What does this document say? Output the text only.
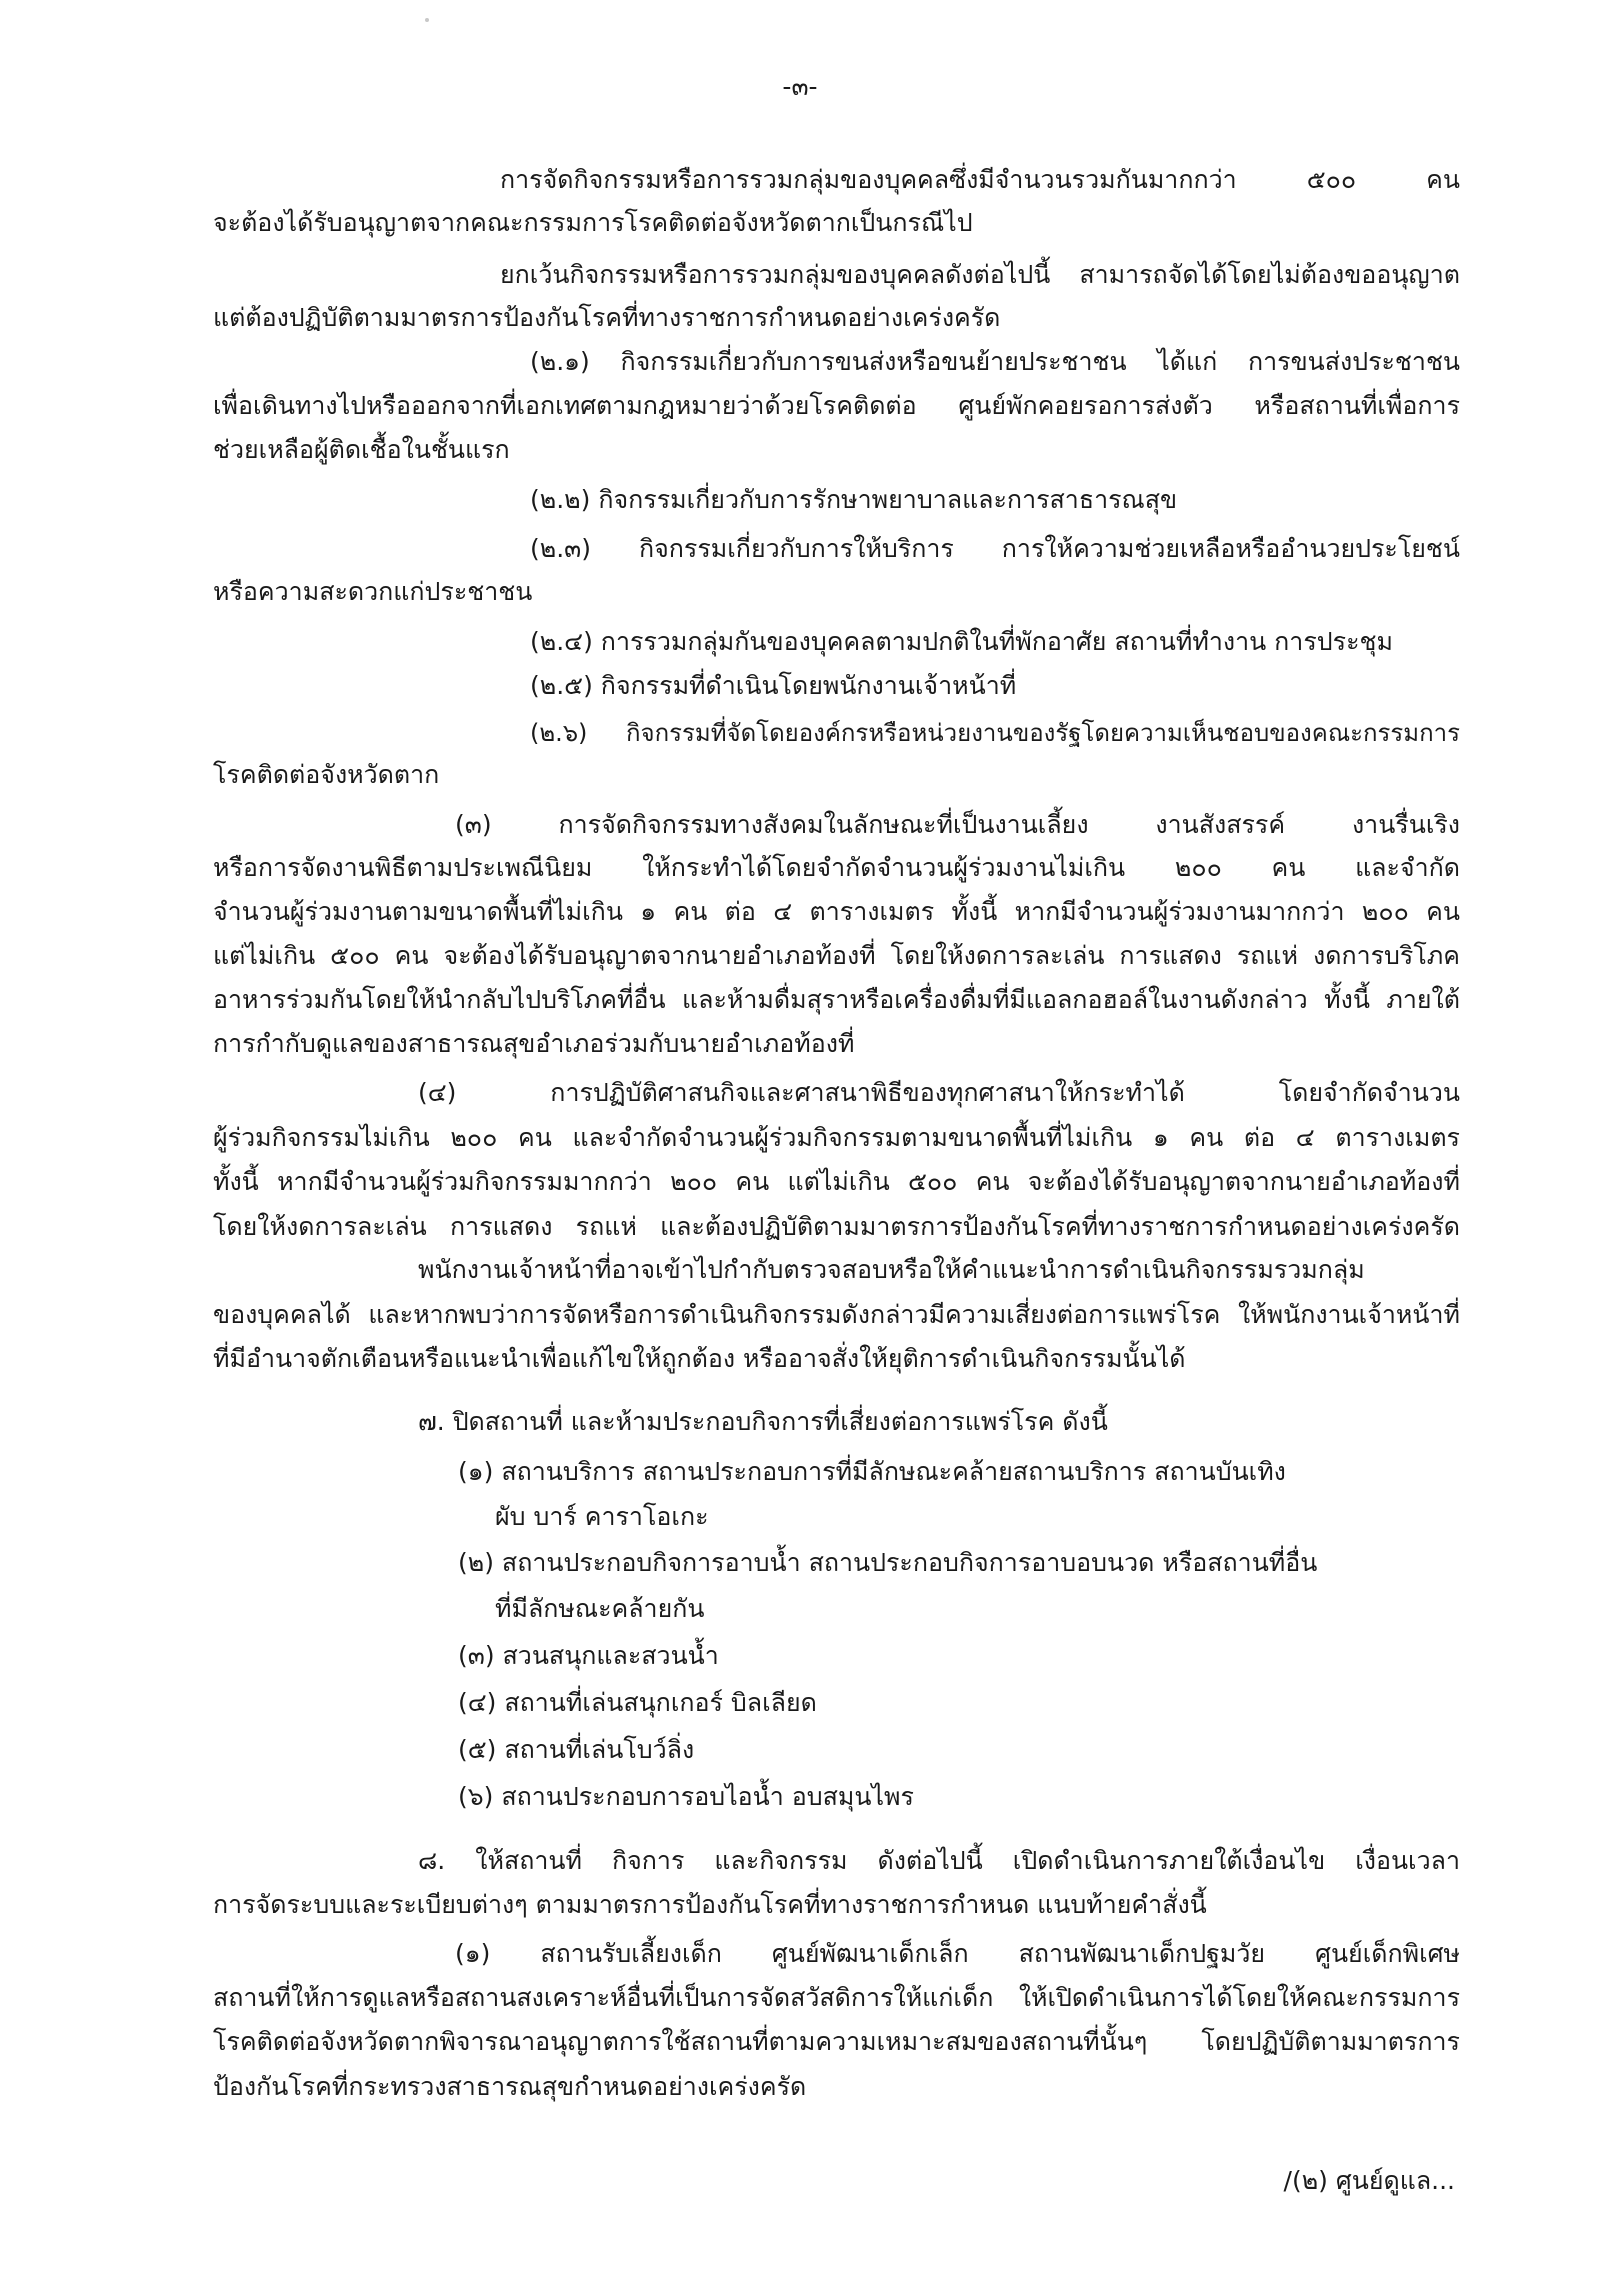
-๓-
การจัดกิจกรรมหรือการรวมกลุ่มของบุคคลซึ่งมีจำนวนรวมกันมากกว่า ๕๐๐ คน
จะต้องได้รับอนุญาตจากคณะกรรมการโรคติดต่อจังหวัดตากเป็นกรณีไป
ยกเว้นกิจกรรมหรือการรวมกลุ่มของบุคคลดังต่อไปนี้ สามารถจัดได้โดยไม่ต้องขออนุญาต
แต่ต้องปฏิบัติตามมาตรการป้องกันโรคที่ทางราชการกำหนดอย่างเคร่งครัด
(๒.๑) กิจกรรมเกี่ยวกับการขนส่งหรือขนย้ายประชาชน ได้แก่ การขนส่งประชาชน
เพื่อเดินทางไปหรือออกจากที่เอกเทศตามกฎหมายว่าด้วยโรคติดต่อ ศูนย์พักคอยรอการส่งตัว หรือสถานที่เพื่อการ
ช่วยเหลือผู้ติดเชื้อในชั้นแรก
(๒.๒) กิจกรรมเกี่ยวกับการรักษาพยาบาลและการสาธารณสุข
(๒.๓) กิจกรรมเกี่ยวกับการให้บริการ การให้ความช่วยเหลือหรืออำนวยประโยชน์
หรือความสะดวกแก่ประชาชน
(๒.๔) การรวมกลุ่มกันของบุคคลตามปกติในที่พักอาศัย สถานที่ทำงาน การประชุม
(๒.๕) กิจกรรมที่ดำเนินโดยพนักงานเจ้าหน้าที่
(๒.๖) กิจกรรมที่จัดโดยองค์กรหรือหน่วยงานของรัฐโดยความเห็นชอบของคณะกรรมการ
โรคติดต่อจังหวัดตาก
(๓) การจัดกิจกรรมทางสังคมในลักษณะที่เป็นงานเลี้ยง งานสังสรรค์ งานรื่นเริง
หรือการจัดงานพิธีตามประเพณีนิยม ให้กระทำได้โดยจำกัดจำนวนผู้ร่วมงานไม่เกิน ๒๐๐ คน และจำกัด
จำนวนผู้ร่วมงานตามขนาดพื้นที่ไม่เกิน ๑ คน ต่อ ๔ ตารางเมตร ทั้งนี้ หากมีจำนวนผู้ร่วมงานมากกว่า ๒๐๐ คน
แต่ไม่เกิน ๕๐๐ คน จะต้องได้รับอนุญาตจากนายอำเภอท้องที่ โดยให้งดการละเล่น การแสดง รถแห่ งดการบริโภค
อาหารร่วมกันโดยให้นำกลับไปบริโภคที่อื่น และห้ามดื่มสุราหรือเครื่องดื่มที่มีแอลกอฮอล์ในงานดังกล่าว ทั้งนี้ ภายใต้
การกำกับดูแลของสาธารณสุขอำเภอร่วมกับนายอำเภอท้องที่
(๔) การปฏิบัติศาสนกิจและศาสนาพิธีของทุกศาสนาให้กระทำได้ โดยจำกัดจำนวน
ผู้ร่วมกิจกรรมไม่เกิน ๒๐๐ คน และจำกัดจำนวนผู้ร่วมกิจกรรมตามขนาดพื้นที่ไม่เกิน ๑ คน ต่อ ๔ ตารางเมตร
ทั้งนี้ หากมีจำนวนผู้ร่วมกิจกรรมมากกว่า ๒๐๐ คน แต่ไม่เกิน ๕๐๐ คน จะต้องได้รับอนุญาตจากนายอำเภอท้องที่
โดยให้งดการละเล่น การแสดง รถแห่ และต้องปฏิบัติตามมาตรการป้องกันโรคที่ทางราชการกำหนดอย่างเคร่งครัด
พนักงานเจ้าหน้าที่อาจเข้าไปกำกับตรวจสอบหรือให้คำแนะนำการดำเนินกิจกรรมรวมกลุ่ม
ของบุคคลได้ และหากพบว่าการจัดหรือการดำเนินกิจกรรมดังกล่าวมีความเสี่ยงต่อการแพร่โรค ให้พนักงานเจ้าหน้าที่
ที่มีอำนาจตักเตือนหรือแนะนำเพื่อแก้ไขให้ถูกต้อง หรืออาจสั่งให้ยุติการดำเนินกิจกรรมนั้นได้
๗. ปิดสถานที่ และห้ามประกอบกิจการที่เสี่ยงต่อการแพร่โรค ดังนี้
(๑) สถานบริการ สถานประกอบการที่มีลักษณะคล้ายสถานบริการ สถานบันเทิง
ผับ บาร์ คาราโอเกะ
(๒) สถานประกอบกิจการอาบน้ำ สถานประกอบกิจการอาบอบนวด หรือสถานที่อื่น
ที่มีลักษณะคล้ายกัน
(๓) สวนสนุกและสวนน้ำ
(๔) สถานที่เล่นสนุกเกอร์ บิลเลียด
(๕) สถานที่เล่นโบว์ลิ่ง
(๖) สถานประกอบการอบไอน้ำ อบสมุนไพร
๘. ให้สถานที่ กิจการ และกิจกรรม ดังต่อไปนี้ เปิดดำเนินการภายใต้เงื่อนไข เงื่อนเวลา
การจัดระบบและระเบียบต่างๆ ตามมาตรการป้องกันโรคที่ทางราชการกำหนด แนบท้ายคำสั่งนี้
(๑) สถานรับเลี้ยงเด็ก ศูนย์พัฒนาเด็กเล็ก สถานพัฒนาเด็กปฐมวัย ศูนย์เด็กพิเศษ
สถานที่ให้การดูแลหรือสถานสงเคราะห์อื่นที่เป็นการจัดสวัสดิการให้แก่เด็ก ให้เปิดดำเนินการได้โดยให้คณะกรรมการ
โรคติดต่อจังหวัดตากพิจารณาอนุญาตการใช้สถานที่ตามความเหมาะสมของสถานที่นั้นๆ โดยปฏิบัติตามมาตรการ
ป้องกันโรคที่กระทรวงสาธารณสุขกำหนดอย่างเคร่งครัด
/(๒) ศูนย์ดูแล...
